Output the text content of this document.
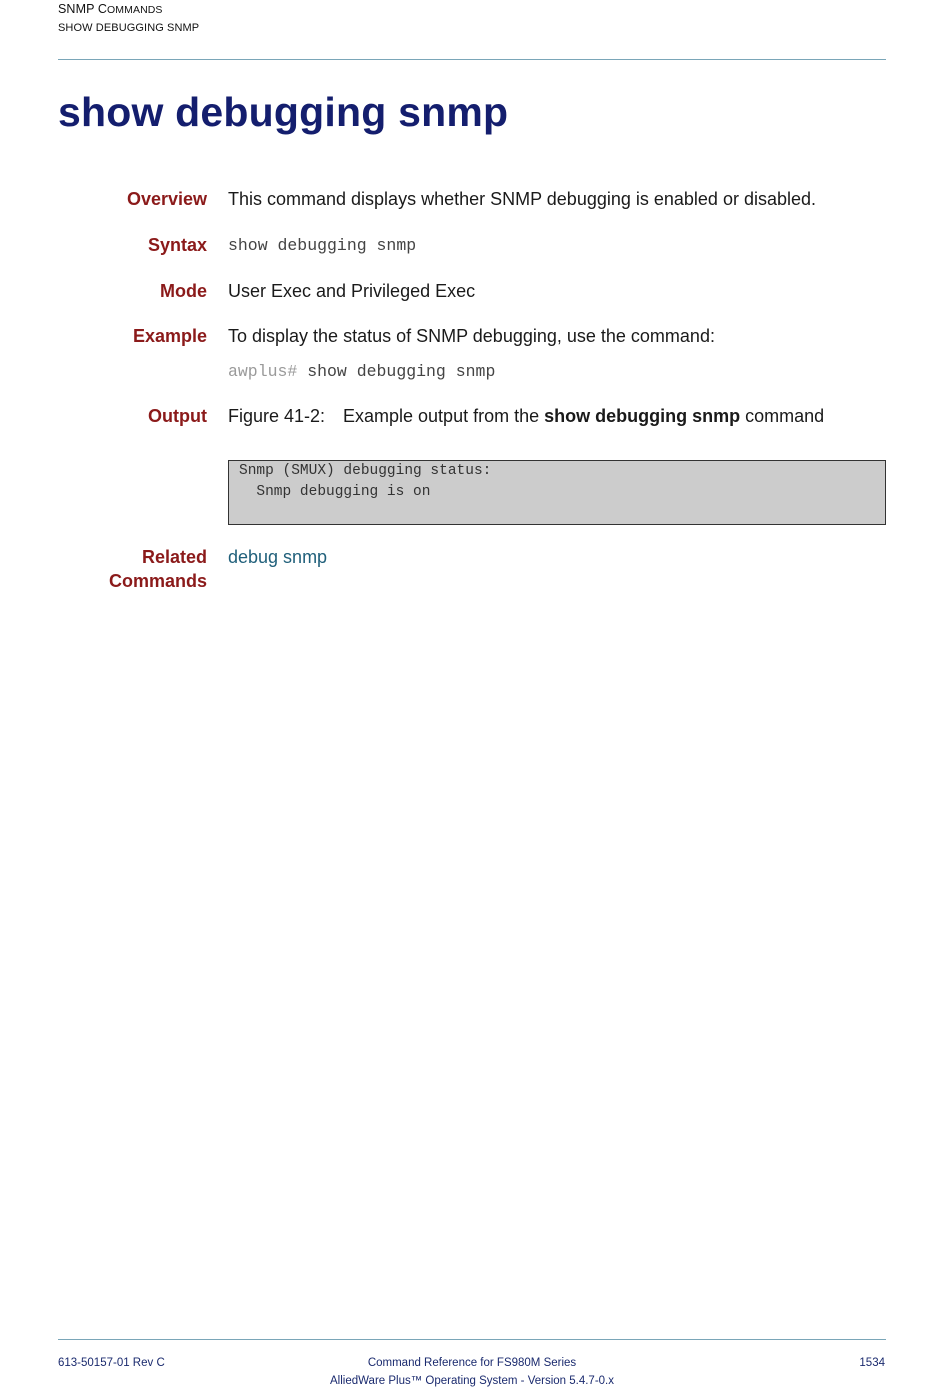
SNMP COMMANDS
SHOW DEBUGGING SNMP
show debugging snmp
Overview This command displays whether SNMP debugging is enabled or disabled.
Syntax show debugging snmp
Mode User Exec and Privileged Exec
Example To display the status of SNMP debugging, use the command:
awplus# show debugging snmp
Output Figure 41-2: Example output from the show debugging snmp command
Snmp (SMUX) debugging status:
Snmp debugging is on
Related
Commands
debug snmp
613-50157-01 Rev C	Command Reference for FS980M Series
AlliedWare Plus™ Operating System - Version 5.4.7-0.x
1534
